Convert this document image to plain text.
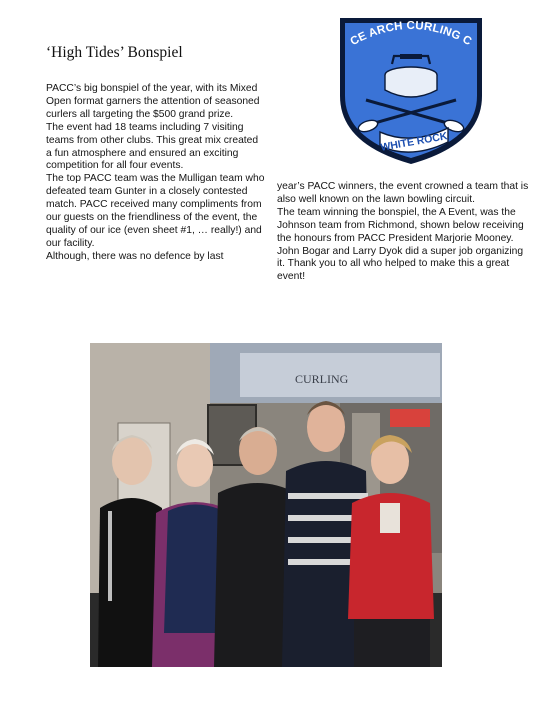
‘High Tides’ Bonspiel

PACC’s big bonspiel of the year, with its Mixed Open format garners the attention of seasoned curlers all targeting the $500 grand prize.

The event had 18 teams including 7 visiting teams from other clubs. This great mix created a fun atmosphere and ensured an exciting competition for all four events.

The top PACC team was the Mulligan team who defeated team Gunter in a closely contested match. PACC received many compliments from our guests on the friendliness of the event, the quality of our ice (even sheet #1, … really!) and our facility.

Although, there was no defence by last

year’s PACC winners, the event crowned a team that is also well known on the lawn bowling circuit.

The team winning the bonspiel, the A Event, was the Johnson team from Richmond, shown below receiving the honours from PACC President Marjorie Mooney.

John Bogar and Larry Dyok did a super job organizing it. Thank you to all who helped to make this a great event!

CE ARCH CURLING C
WHITE ROCK
CURLING
